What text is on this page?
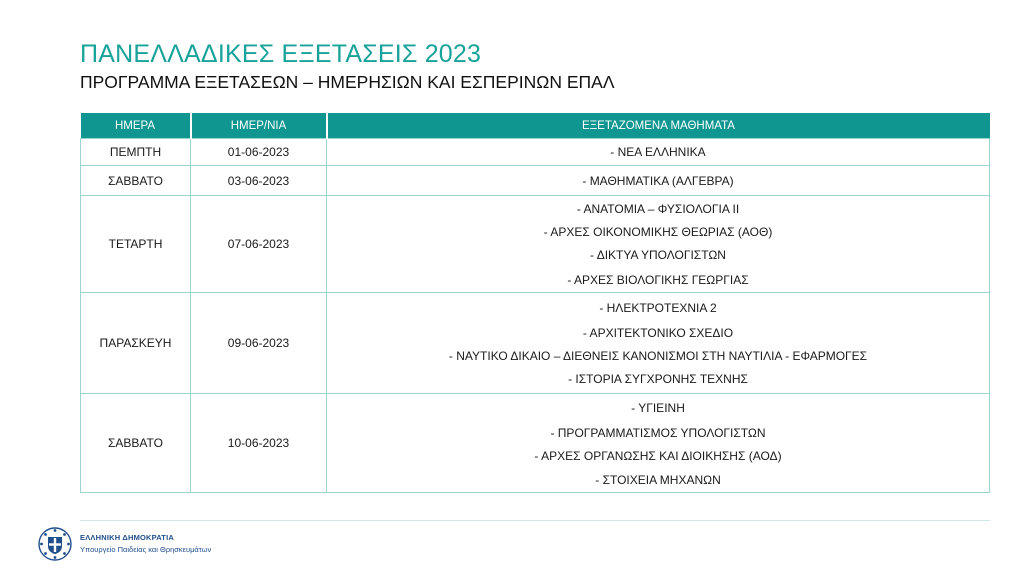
ΠΑΝΕΛΛΑΔΙΚΕΣ ΕΞΕΤΑΣΕΙΣ 2023
ΠΡΟΓΡΑΜΜΑ ΕΞΕΤΑΣΕΩΝ – ΗΜΕΡΗΣΙΩΝ ΚΑΙ ΕΣΠΕΡΙΝΩΝ ΕΠΑΛ
ΗΜΕΡΑ	ΗΜΕΡ/ΝΙΑ	ΕΞΕΤΑΖΟΜΕΝΑ ΜΑΘΗΜΑΤΑ
ΠΕΜΠΤΗ	01-06-2023	- ΝΕΑ ΕΛΛΗΝΙΚΑ

ΣΑΒΒΑΤΟ	03-06-2023	- ΜΑΘΗΜΑΤΙΚΑ (ΑΛΓΕΒΡΑ)

ΤΕΤΑΡΤΗ	07-06-2023	- ΑΝΑΤΟΜΙΑ – ΦΥΣΙΟΛΟΓΙΑ ΙΙ
- ΑΡΧΕΣ ΟΙΚΟΝΟΜΙΚΗΣ ΘΕΩΡΙΑΣ (ΑΟΘ)
- ΔΙΚΤΥΑ ΥΠΟΛΟΓΙΣΤΩΝ
- ΑΡΧΕΣ ΒΙΟΛΟΓΙΚΗΣ ΓΕΩΡΓΙΑΣ

ΠΑΡΑΣΚΕΥΗ	09-06-2023	- ΗΛΕΚΤΡΟΤΕΧΝΙΑ 2
- ΑΡΧΙΤΕΚΤΟΝΙΚΟ ΣΧΕΔΙΟ
- ΝΑΥΤΙΚΟ ΔΙΚΑΙΟ – ΔΙΕΘΝΕΙΣ ΚΑΝΟΝΙΣΜΟΙ ΣΤΗ ΝΑΥΤΙΛΙΑ - ΕΦΑΡΜΟΓΕΣ
- ΙΣΤΟΡΙΑ ΣΥΓΧΡΟΝΗΣ ΤΕΧΝΗΣ

ΣΑΒΒΑΤΟ	10-06-2023	- ΥΓΙΕΙΝΗ
- ΠΡΟΓΡΑΜΜΑΤΙΣΜΟΣ ΥΠΟΛΟΓΙΣΤΩΝ
- ΑΡΧΕΣ ΟΡΓΑΝΩΣΗΣ ΚΑΙ ΔΙΟΙΚΗΣΗΣ (ΑΟΔ)
- ΣΤΟΙΧΕΙΑ ΜΗΧΑΝΩΝ
ΕΛΛΗΝΙΚΗ ΔΗΜΟΚΡΑΤΙΑ
Υπουργείο Παιδείας και Θρησκευμάτων
